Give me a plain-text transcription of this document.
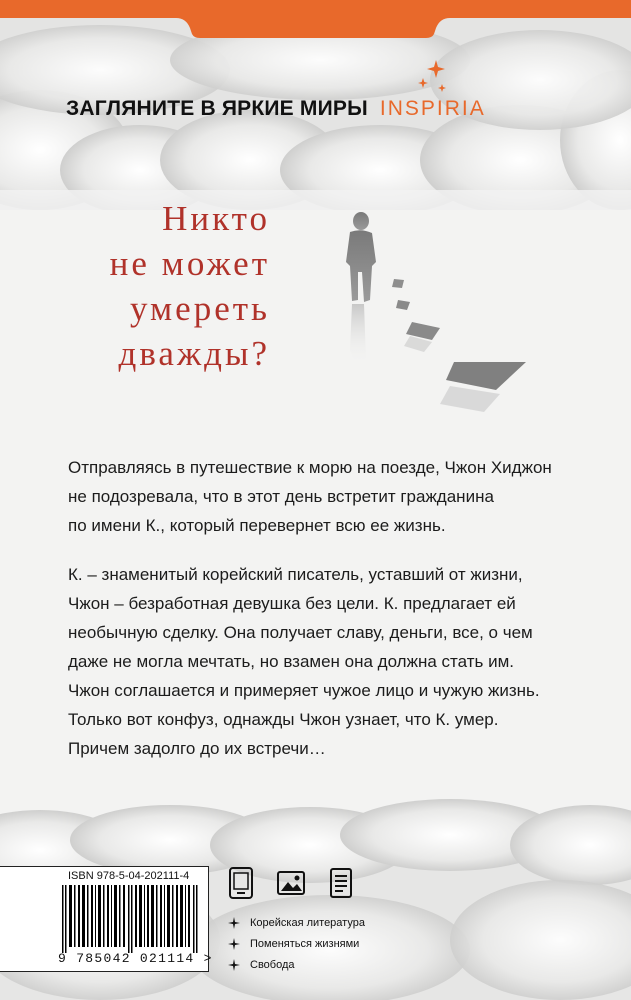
ЗАГЛЯНИТЕ В ЯРКИЕ МИРЫ INSPIRIA
Никто
не может
умереть
дважды?

Отправляясь в путешествие к морю на поезде, Чжон Хиджон
не подозревала, что в этот день встретит гражданина
по имени К., который перевернет всю ее жизнь.

К. – знаменитый корейский писатель, уставший от жизни,
Чжон – безработная девушка без цели. К. предлагает ей
необычную сделку. Она получает славу, деньги, все, о чем
даже не могла мечтать, но взамен она должна стать им.
Чжон соглашается и примеряет чужое лицо и чужую жизнь.
Только вот конфуз, однажды Чжон узнает, что К. умер.
Причем задолго до их встречи…

ISBN 978-5-04-202111-4
9 785042 021114 >
Корейская литература
Поменяться жизнями
Свобода
